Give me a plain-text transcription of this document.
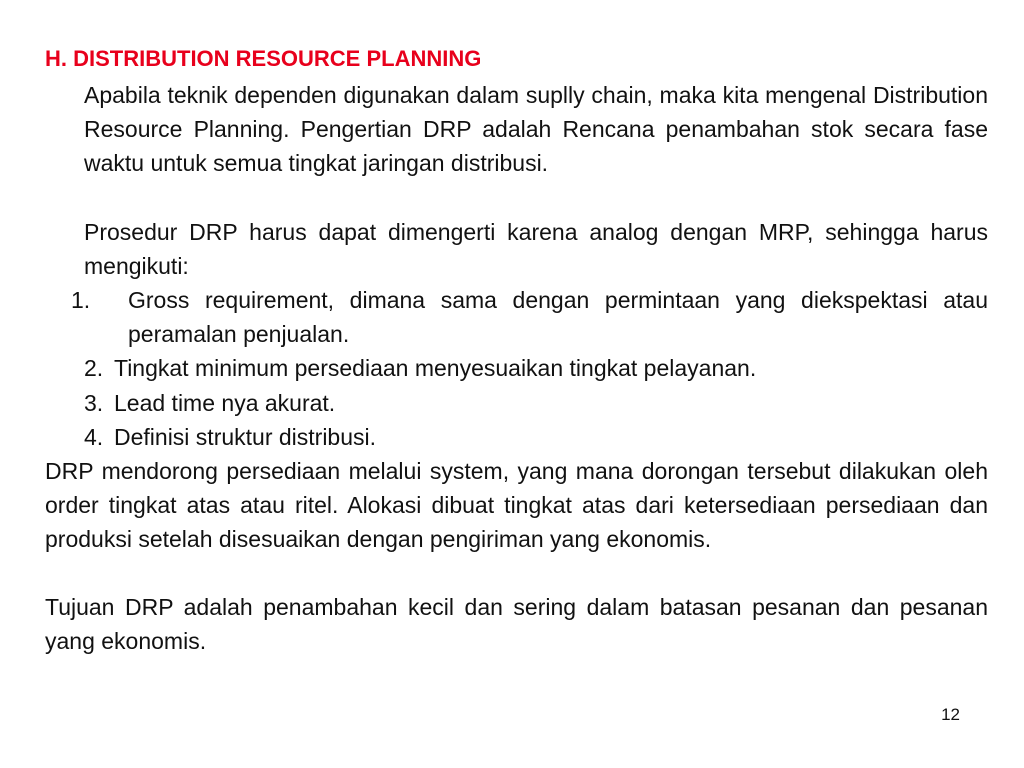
H. DISTRIBUTION RESOURCE PLANNING
Apabila teknik dependen digunakan dalam suplly chain, maka kita mengenal Distribution Resource Planning. Pengertian DRP adalah Rencana penambahan stok secara fase waktu untuk semua tingkat jaringan distribusi.
Prosedur DRP harus dapat dimengerti karena analog dengan MRP, sehingga harus mengikuti:
1.	Gross requirement, dimana sama dengan permintaan yang diekspektasi atau peramalan penjualan.
2. Tingkat minimum persediaan menyesuaikan tingkat pelayanan.
3. Lead time nya akurat.
4. Definisi struktur distribusi.
DRP mendorong persediaan melalui system, yang mana dorongan tersebut dilakukan oleh order tingkat atas atau ritel. Alokasi dibuat tingkat atas dari ketersediaan persediaan dan produksi setelah disesuaikan dengan pengiriman yang ekonomis.
Tujuan DRP adalah penambahan kecil dan sering dalam batasan pesanan dan pesanan yang ekonomis.
12
